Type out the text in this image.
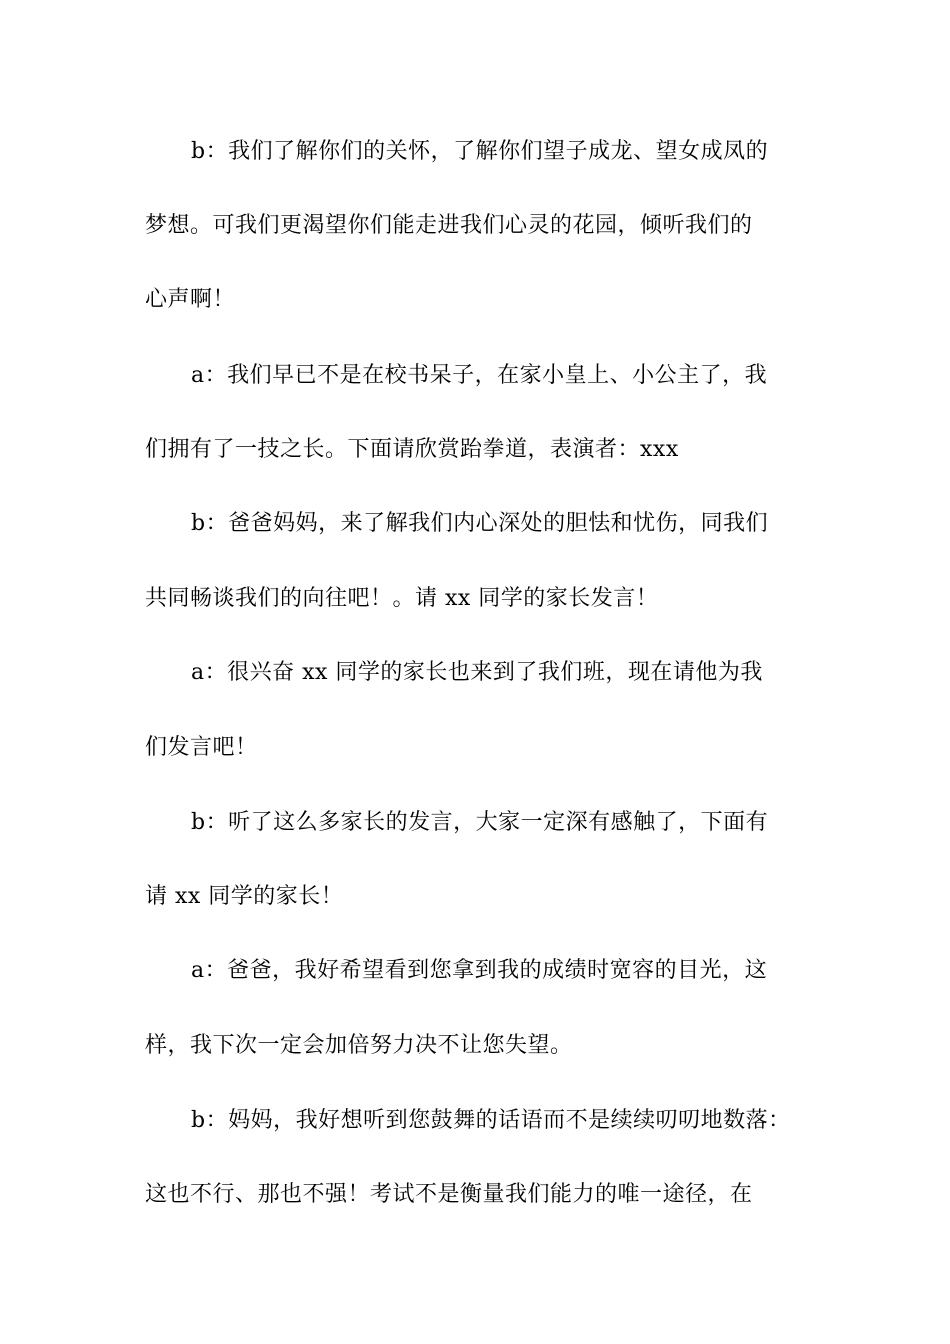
b：我们了解你们的关怀，了解你们望子成龙、望女成凤的
梦想。可我们更渴望你们能走进我们心灵的花园，倾听我们的
心声啊！
a：我们早已不是在校书呆子，在家小皇上、小公主了，我
们拥有了一技之长。下面请欣赏跆拳道，表演者：xxx
b：爸爸妈妈，来了解我们内心深处的胆怯和忧伤，同我们
共同畅谈我们的向往吧！。请 xx 同学的家长发言！
a：很兴奋 xx 同学的家长也来到了我们班，现在请他为我
们发言吧！
b：听了这么多家长的发言，大家一定深有感触了，下面有
请 xx 同学的家长！
a：爸爸，我好希望看到您拿到我的成绩时宽容的目光，这
样，我下次一定会加倍努力决不让您失望。
b：妈妈，我好想听到您鼓舞的话语而不是续续叨叨地数落：
这也不行、那也不强！考试不是衡量我们能力的唯一途径，在
